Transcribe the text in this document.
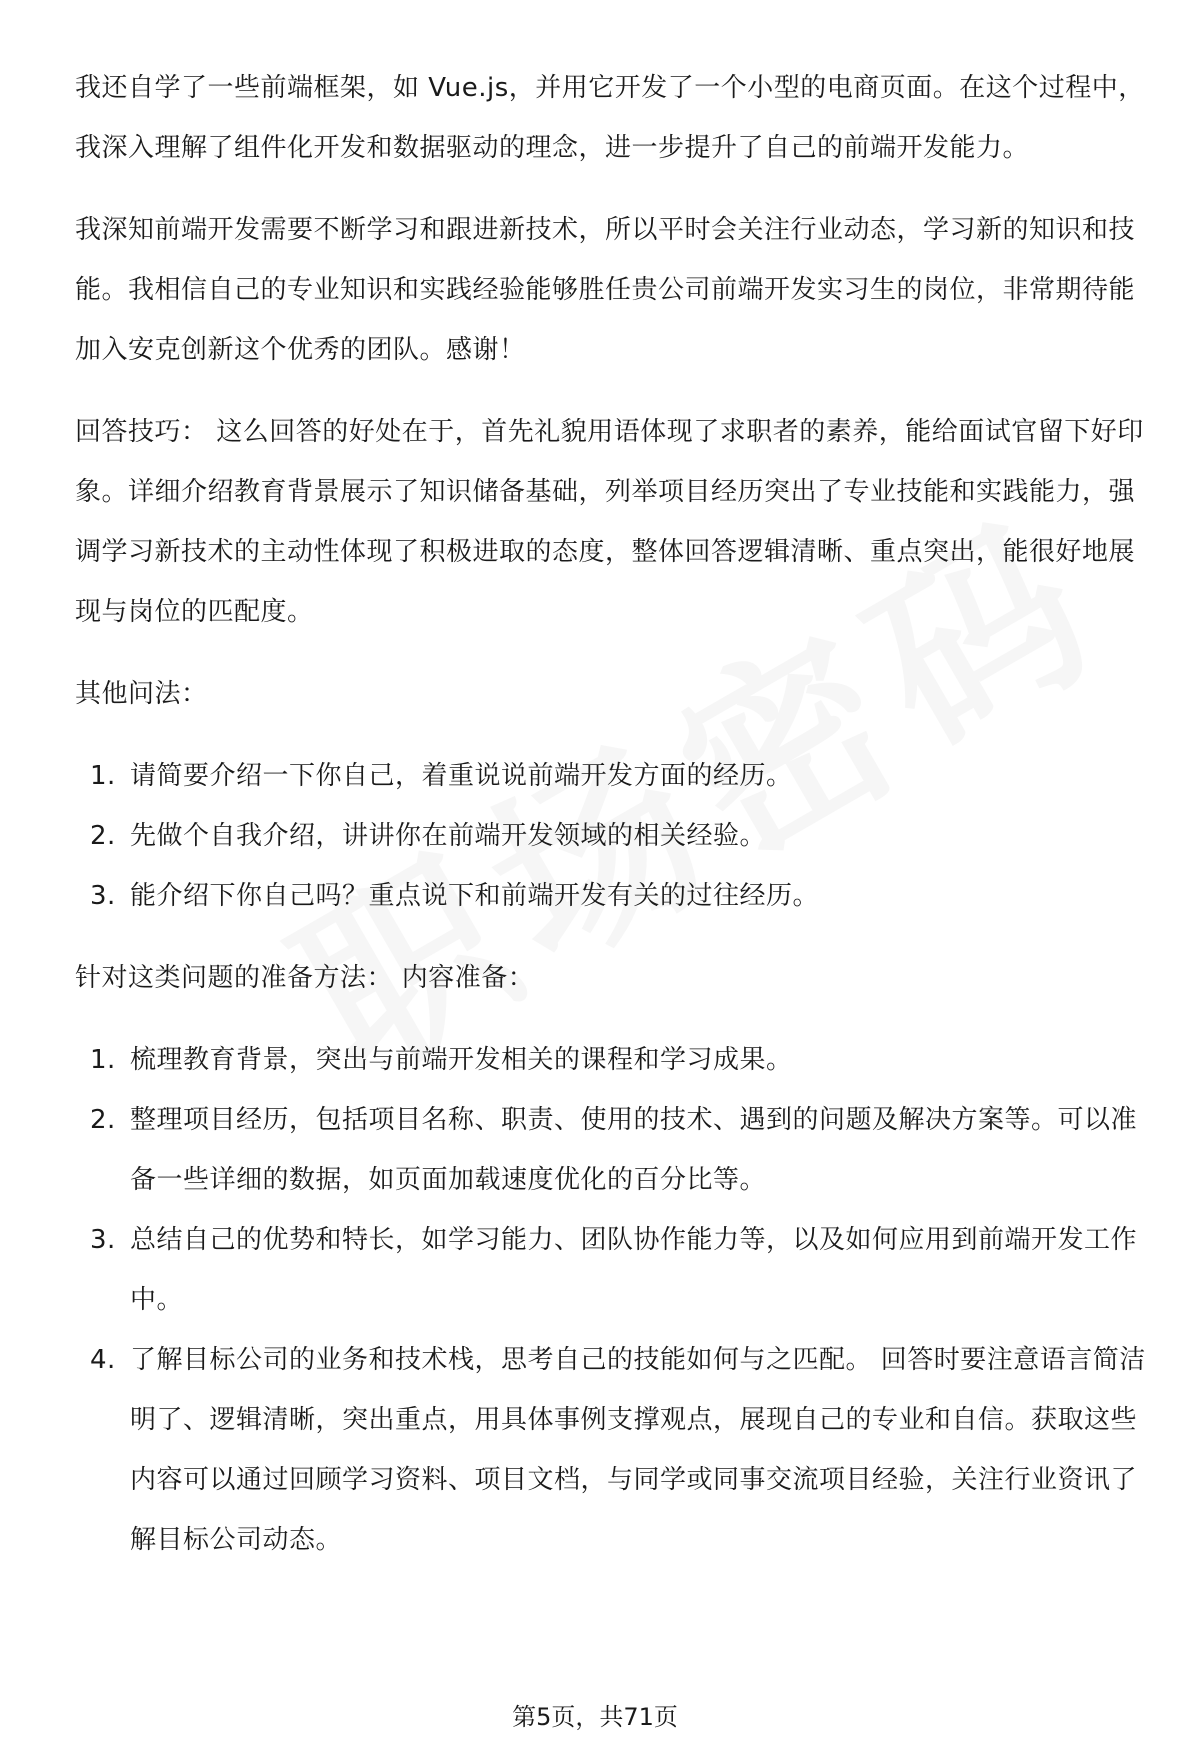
我还自学了一些前端框架，如 Vue.js，并用它开发了一个小型的电商页面。在这个过程中，我深入理解了组件化开发和数据驱动的理念，进一步提升了自己的前端开发能力。

我深知前端开发需要不断学习和跟进新技术，所以平时会关注行业动态，学习新的知识和技能。我相信自己的专业知识和实践经验能够胜任贵公司前端开发实习生的岗位，非常期待能加入安克创新这个优秀的团队。感谢！

回答技巧： 这么回答的好处在于，首先礼貌用语体现了求职者的素养，能给面试官留下好印象。详细介绍教育背景展示了知识储备基础，列举项目经历突出了专业技能和实践能力，强调学习新技术的主动性体现了积极进取的态度，整体回答逻辑清晰、重点突出，能很好地展现与岗位的匹配度。

其他问法：

1. 请简要介绍一下你自己，着重说说前端开发方面的经历。
2. 先做个自我介绍，讲讲你在前端开发领域的相关经验。
3. 能介绍下你自己吗？重点说下和前端开发有关的过往经历。

针对这类问题的准备方法： 内容准备：

1. 梳理教育背景，突出与前端开发相关的课程和学习成果。
2. 整理项目经历，包括项目名称、职责、使用的技术、遇到的问题及解决方案等。可以准备一些详细的数据，如页面加载速度优化的百分比等。
3. 总结自己的优势和特长，如学习能力、团队协作能力等，以及如何应用到前端开发工作中。
4. 了解目标公司的业务和技术栈，思考自己的技能如何与之匹配。 回答时要注意语言简洁明了、逻辑清晰，突出重点，用具体事例支撑观点，展现自己的专业和自信。获取这些内容可以通过回顾学习资料、项目文档，与同学或同事交流项目经验，关注行业资讯了解目标公司动态。
第5页，共71页
